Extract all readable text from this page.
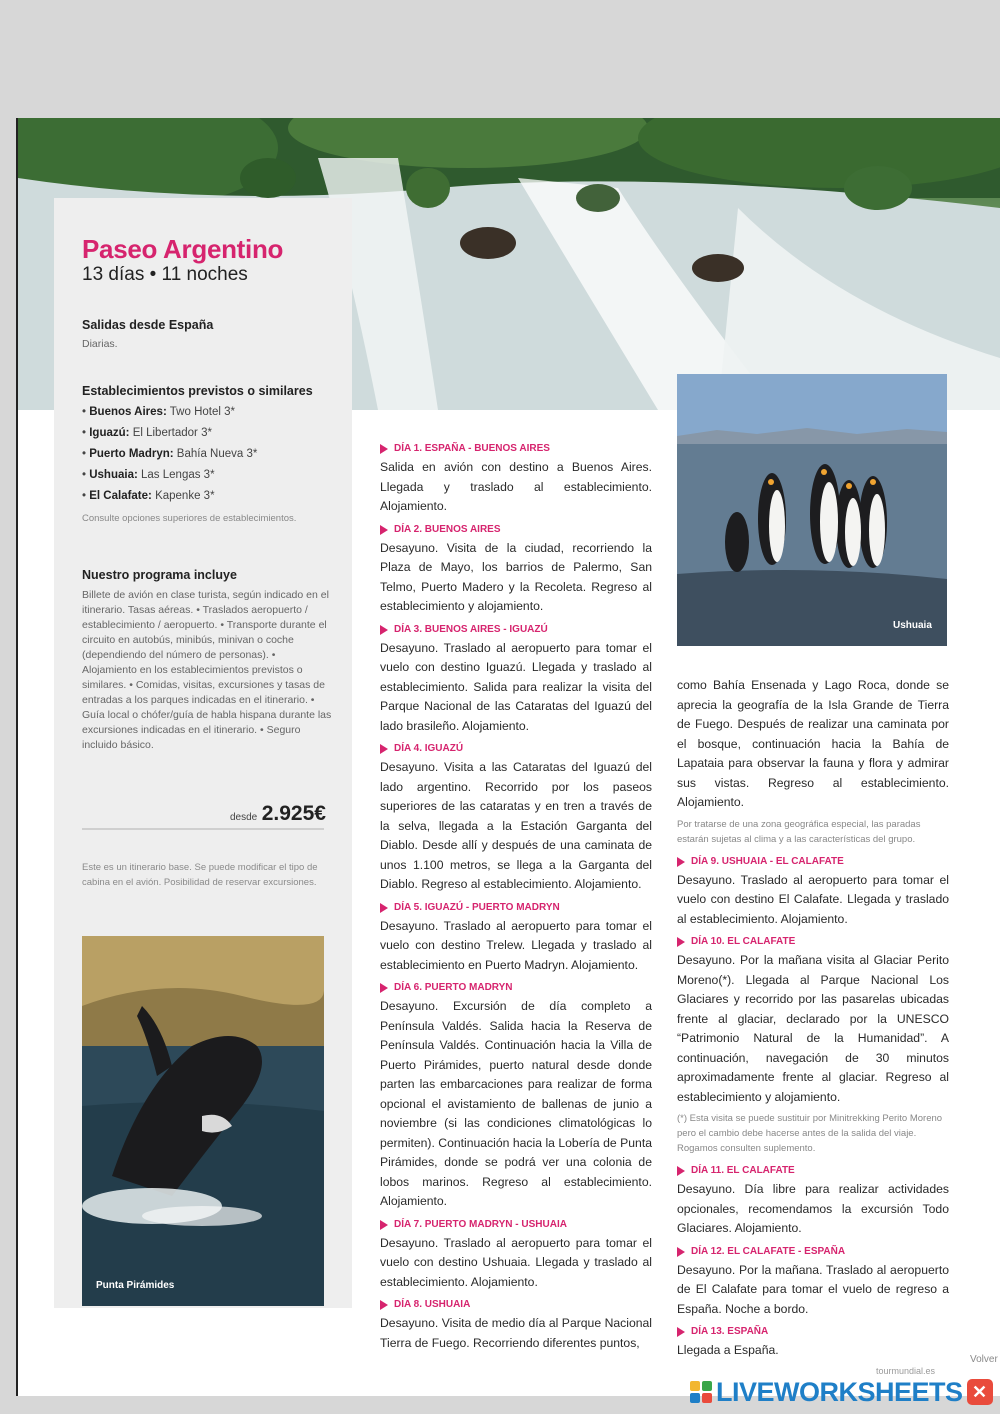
Paseo Argentino
13 días • 11 noches
Salidas desde España
Diarias.
Establecimientos previstos o similares
• Buenos Aires: Two Hotel 3*
• Iguazú: El Libertador 3*
• Puerto Madryn: Bahía Nueva 3*
• Ushuaia: Las Lengas 3*
• El Calafate: Kapenke 3*
Consulte opciones superiores de establecimientos.
Nuestro programa incluye

Billete de avión en clase turista, según indicado en el itinerario. Tasas aéreas. • Traslados aeropuerto / establecimiento / aeropuerto. • Transporte durante el circuito en autobús, minibús, minivan o coche (dependiendo del número de personas). • Alojamiento en los establecimientos previstos o similares. • Comidas, visitas, excursiones y tasas de entradas a los parques indicadas en el itinerario. • Guía local o chófer/guía de habla hispana durante las excursiones indicadas en el itinerario. • Seguro incluido básico.

desde 2.925€
Este es un itinerario base. Se puede modificar el tipo de cabina en el avión. Posibilidad de reservar excursiones.
Punta Pirámides
Ushuaia
DÍA 1. ESPAÑA - BUENOS AIRES
Salida en avión con destino a Buenos Aires. Llegada y traslado al establecimiento. Alojamiento.
DÍA 2. BUENOS AIRES
Desayuno. Visita de la ciudad, recorriendo la Plaza de Mayo, los barrios de Palermo, San Telmo, Puerto Madero y la Recoleta. Regreso al establecimiento y alojamiento.
DÍA 3. BUENOS AIRES - IGUAZÚ
Desayuno. Traslado al aeropuerto para tomar el vuelo con destino Iguazú. Llegada y traslado al establecimiento. Salida para realizar la visita del Parque Nacional de las Cataratas del Iguazú del lado brasileño. Alojamiento.
DÍA 4. IGUAZÚ
Desayuno. Visita a las Cataratas del Iguazú del lado argentino. Recorrido por los paseos superiores de las cataratas y en tren a través de la selva, llegada a la Estación Garganta del Diablo. Desde allí y después de una caminata de unos 1.100 metros, se llega a la Garganta del Diablo. Regreso al establecimiento. Alojamiento.
DÍA 5. IGUAZÚ - PUERTO MADRYN
Desayuno. Traslado al aeropuerto para tomar el vuelo con destino Trelew. Llegada y traslado al establecimiento en Puerto Madryn. Alojamiento.
DÍA 6. PUERTO MADRYN
Desayuno. Excursión de día completo a Península Valdés. Salida hacia la Reserva de Península Valdés. Continuación hacia la Villa de Puerto Pirámides, puerto natural desde donde parten las embarcaciones para realizar de forma opcional el avistamiento de ballenas de junio a noviembre (si las condiciones climatológicas lo permiten). Continuación hacia la Lobería de Punta Pirámides, donde se podrá ver una colonia de lobos marinos. Regreso al establecimiento. Alojamiento.
DÍA 7. PUERTO MADRYN - USHUAIA
Desayuno. Traslado al aeropuerto para tomar el vuelo con destino Ushuaia. Llegada y traslado al establecimiento. Alojamiento.
DÍA 8. USHUAIA
Desayuno. Visita de medio día al Parque Nacional Tierra de Fuego. Recorriendo diferentes puntos,
como Bahía Ensenada y Lago Roca, donde se aprecia la geografía de la Isla Grande de Tierra de Fuego. Después de realizar una caminata por el bosque, continuación hacia la Bahía de Lapataia para observar la fauna y flora y admirar sus vistas. Regreso al establecimiento. Alojamiento.
Por tratarse de una zona geográfica especial, las paradas estarán sujetas al clima y a las características del grupo.
DÍA 9. USHUAIA - EL CALAFATE
Desayuno. Traslado al aeropuerto para tomar el vuelo con destino El Calafate. Llegada y traslado al establecimiento. Alojamiento.
DÍA 10. EL CALAFATE
Desayuno. Por la mañana visita al Glaciar Perito Moreno(*). Llegada al Parque Nacional Los Glaciares y recorrido por las pasarelas ubicadas frente al glaciar, declarado por la UNESCO “Patrimonio Natural de la Humanidad”. A continuación, navegación de 30 minutos aproximadamente frente al glaciar. Regreso al establecimiento y alojamiento.
(*) Esta visita se puede sustituir por Minitrekking Perito Moreno pero el cambio debe hacerse antes de la salida del viaje. Rogamos consulten suplemento.
DÍA 11. EL CALAFATE
Desayuno. Día libre para realizar actividades opcionales, recomendamos la excursión Todo Glaciares. Alojamiento.
DÍA 12. EL CALAFATE - ESPAÑA
Desayuno. Por la mañana. Traslado al aeropuerto de El Calafate para tomar el vuelo de regreso a España. Noche a bordo.
DÍA 13. ESPAÑA
Llegada a España.
tourmundial.es
Volver
LIVEWORKSHEETS ✕
